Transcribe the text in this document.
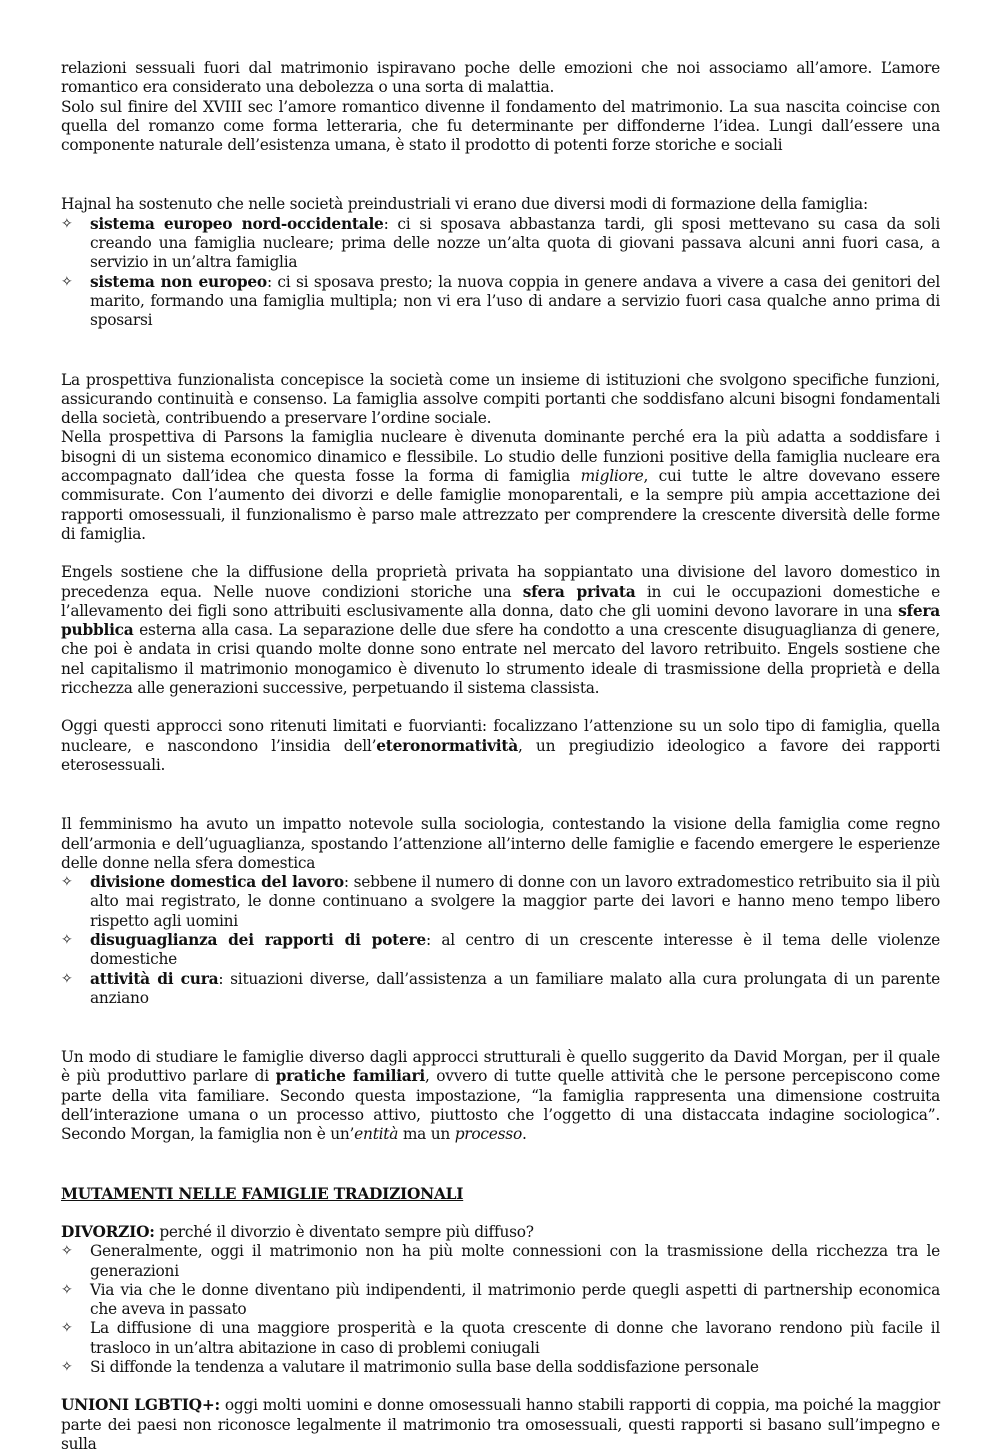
relazioni sessuali fuori dal matrimonio ispiravano poche delle emozioni che noi associamo all’amore. L’amore romantico era considerato una debolezza o una sorta di malattia.

Solo sul finire del XVIII sec l’amore romantico divenne il fondamento del matrimonio. La sua nascita coincise con quella del romanzo come forma letteraria, che fu determinante per diffonderne l’idea. Lungi dall’essere una componente naturale dell’esistenza umana, è stato il prodotto di potenti forze storiche e sociali

Hajnal ha sostenuto che nelle società preindustriali vi erano due diversi modi di formazione della famiglia:

✧	sistema europeo nord-occidentale: ci si sposava abbastanza tardi, gli sposi mettevano su casa da soli creando una famiglia nucleare; prima delle nozze un’alta quota di giovani passava alcuni anni fuori casa, a servizio in un’altra famiglia
✧	sistema non europeo: ci si sposava presto; la nuova coppia in genere andava a vivere a casa dei genitori del marito, formando una famiglia multipla; non vi era l’uso di andare a servizio fuori casa qualche anno prima di sposarsi

La prospettiva funzionalista concepisce la società come un insieme di istituzioni che svolgono specifiche funzioni, assicurando continuità e consenso. La famiglia assolve compiti portanti che soddisfano alcuni bisogni fondamentali della società, contribuendo a preservare l’ordine sociale.

Nella prospettiva di Parsons la famiglia nucleare è divenuta dominante perché era la più adatta a soddisfare i bisogni di un sistema economico dinamico e flessibile. Lo studio delle funzioni positive della famiglia nucleare era accompagnato dall’idea che questa fosse la forma di famiglia migliore, cui tutte le altre dovevano essere commisurate. Con l’aumento dei divorzi e delle famiglie monoparentali, e la sempre più ampia accettazione dei rapporti omosessuali, il funzionalismo è parso male attrezzato per comprendere la crescente diversità delle forme di famiglia.

Engels sostiene che la diffusione della proprietà privata ha soppiantato una divisione del lavoro domestico in precedenza equa. Nelle nuove condizioni storiche una sfera privata in cui le occupazioni domestiche e l’allevamento dei figli sono attribuiti esclusivamente alla donna, dato che gli uomini devono lavorare in una sfera pubblica esterna alla casa. La separazione delle due sfere ha condotto a una crescente disuguaglianza di genere, che poi è andata in crisi quando molte donne sono entrate nel mercato del lavoro retribuito. Engels sostiene che nel capitalismo il matrimonio monogamico è divenuto lo strumento ideale di trasmissione della proprietà e della ricchezza alle generazioni successive, perpetuando il sistema classista.

Oggi questi approcci sono ritenuti limitati e fuorvianti: focalizzano l’attenzione su un solo tipo di famiglia, quella nucleare, e nascondono l’insidia dell’eteronormatività, un pregiudizio ideologico a favore dei rapporti eterosessuali.

Il femminismo ha avuto un impatto notevole sulla sociologia, contestando la visione della famiglia come regno dell’armonia e dell’uguaglianza, spostando l’attenzione all’interno delle famiglie e facendo emergere le esperienze delle donne nella sfera domestica

✧	divisione domestica del lavoro: sebbene il numero di donne con un lavoro extradomestico retribuito sia il più alto mai registrato, le donne continuano a svolgere la maggior parte dei lavori e hanno meno tempo libero rispetto agli uomini
✧	disuguaglianza dei rapporti di potere: al centro di un crescente interesse è il tema delle violenze domestiche
✧	attività di cura: situazioni diverse, dall’assistenza a un familiare malato alla cura prolungata di un parente anziano

Un modo di studiare le famiglie diverso dagli approcci strutturali è quello suggerito da David Morgan, per il quale è più produttivo parlare di pratiche familiari, ovvero di tutte quelle attività che le persone percepiscono come parte della vita familiare. Secondo questa impostazione, “la famiglia rappresenta una dimensione costruita dell’interazione umana o un processo attivo, piuttosto che l’oggetto di una distaccata indagine sociologica”. Secondo Morgan, la famiglia non è un’entità ma un processo.

MUTAMENTI NELLE FAMIGLIE TRADIZIONALI

DIVORZIO: perché il divorzio è diventato sempre più diffuso?

✧	Generalmente, oggi il matrimonio non ha più molte connessioni con la trasmissione della ricchezza tra le generazioni
✧	Via via che le donne diventano più indipendenti, il matrimonio perde quegli aspetti di partnership economica che aveva in passato
✧	La diffusione di una maggiore prosperità e la quota crescente di donne che lavorano rendono più facile il trasloco in un’altra abitazione in caso di problemi coniugali
✧	Si diffonde la tendenza a valutare il matrimonio sulla base della soddisfazione personale

UNIONI LGBTIQ+: oggi molti uomini e donne omosessuali hanno stabili rapporti di coppia, ma poiché la maggior parte dei paesi non riconosce legalmente il matrimonio tra omosessuali, questi rapporti si basano sull’impegno e sulla
